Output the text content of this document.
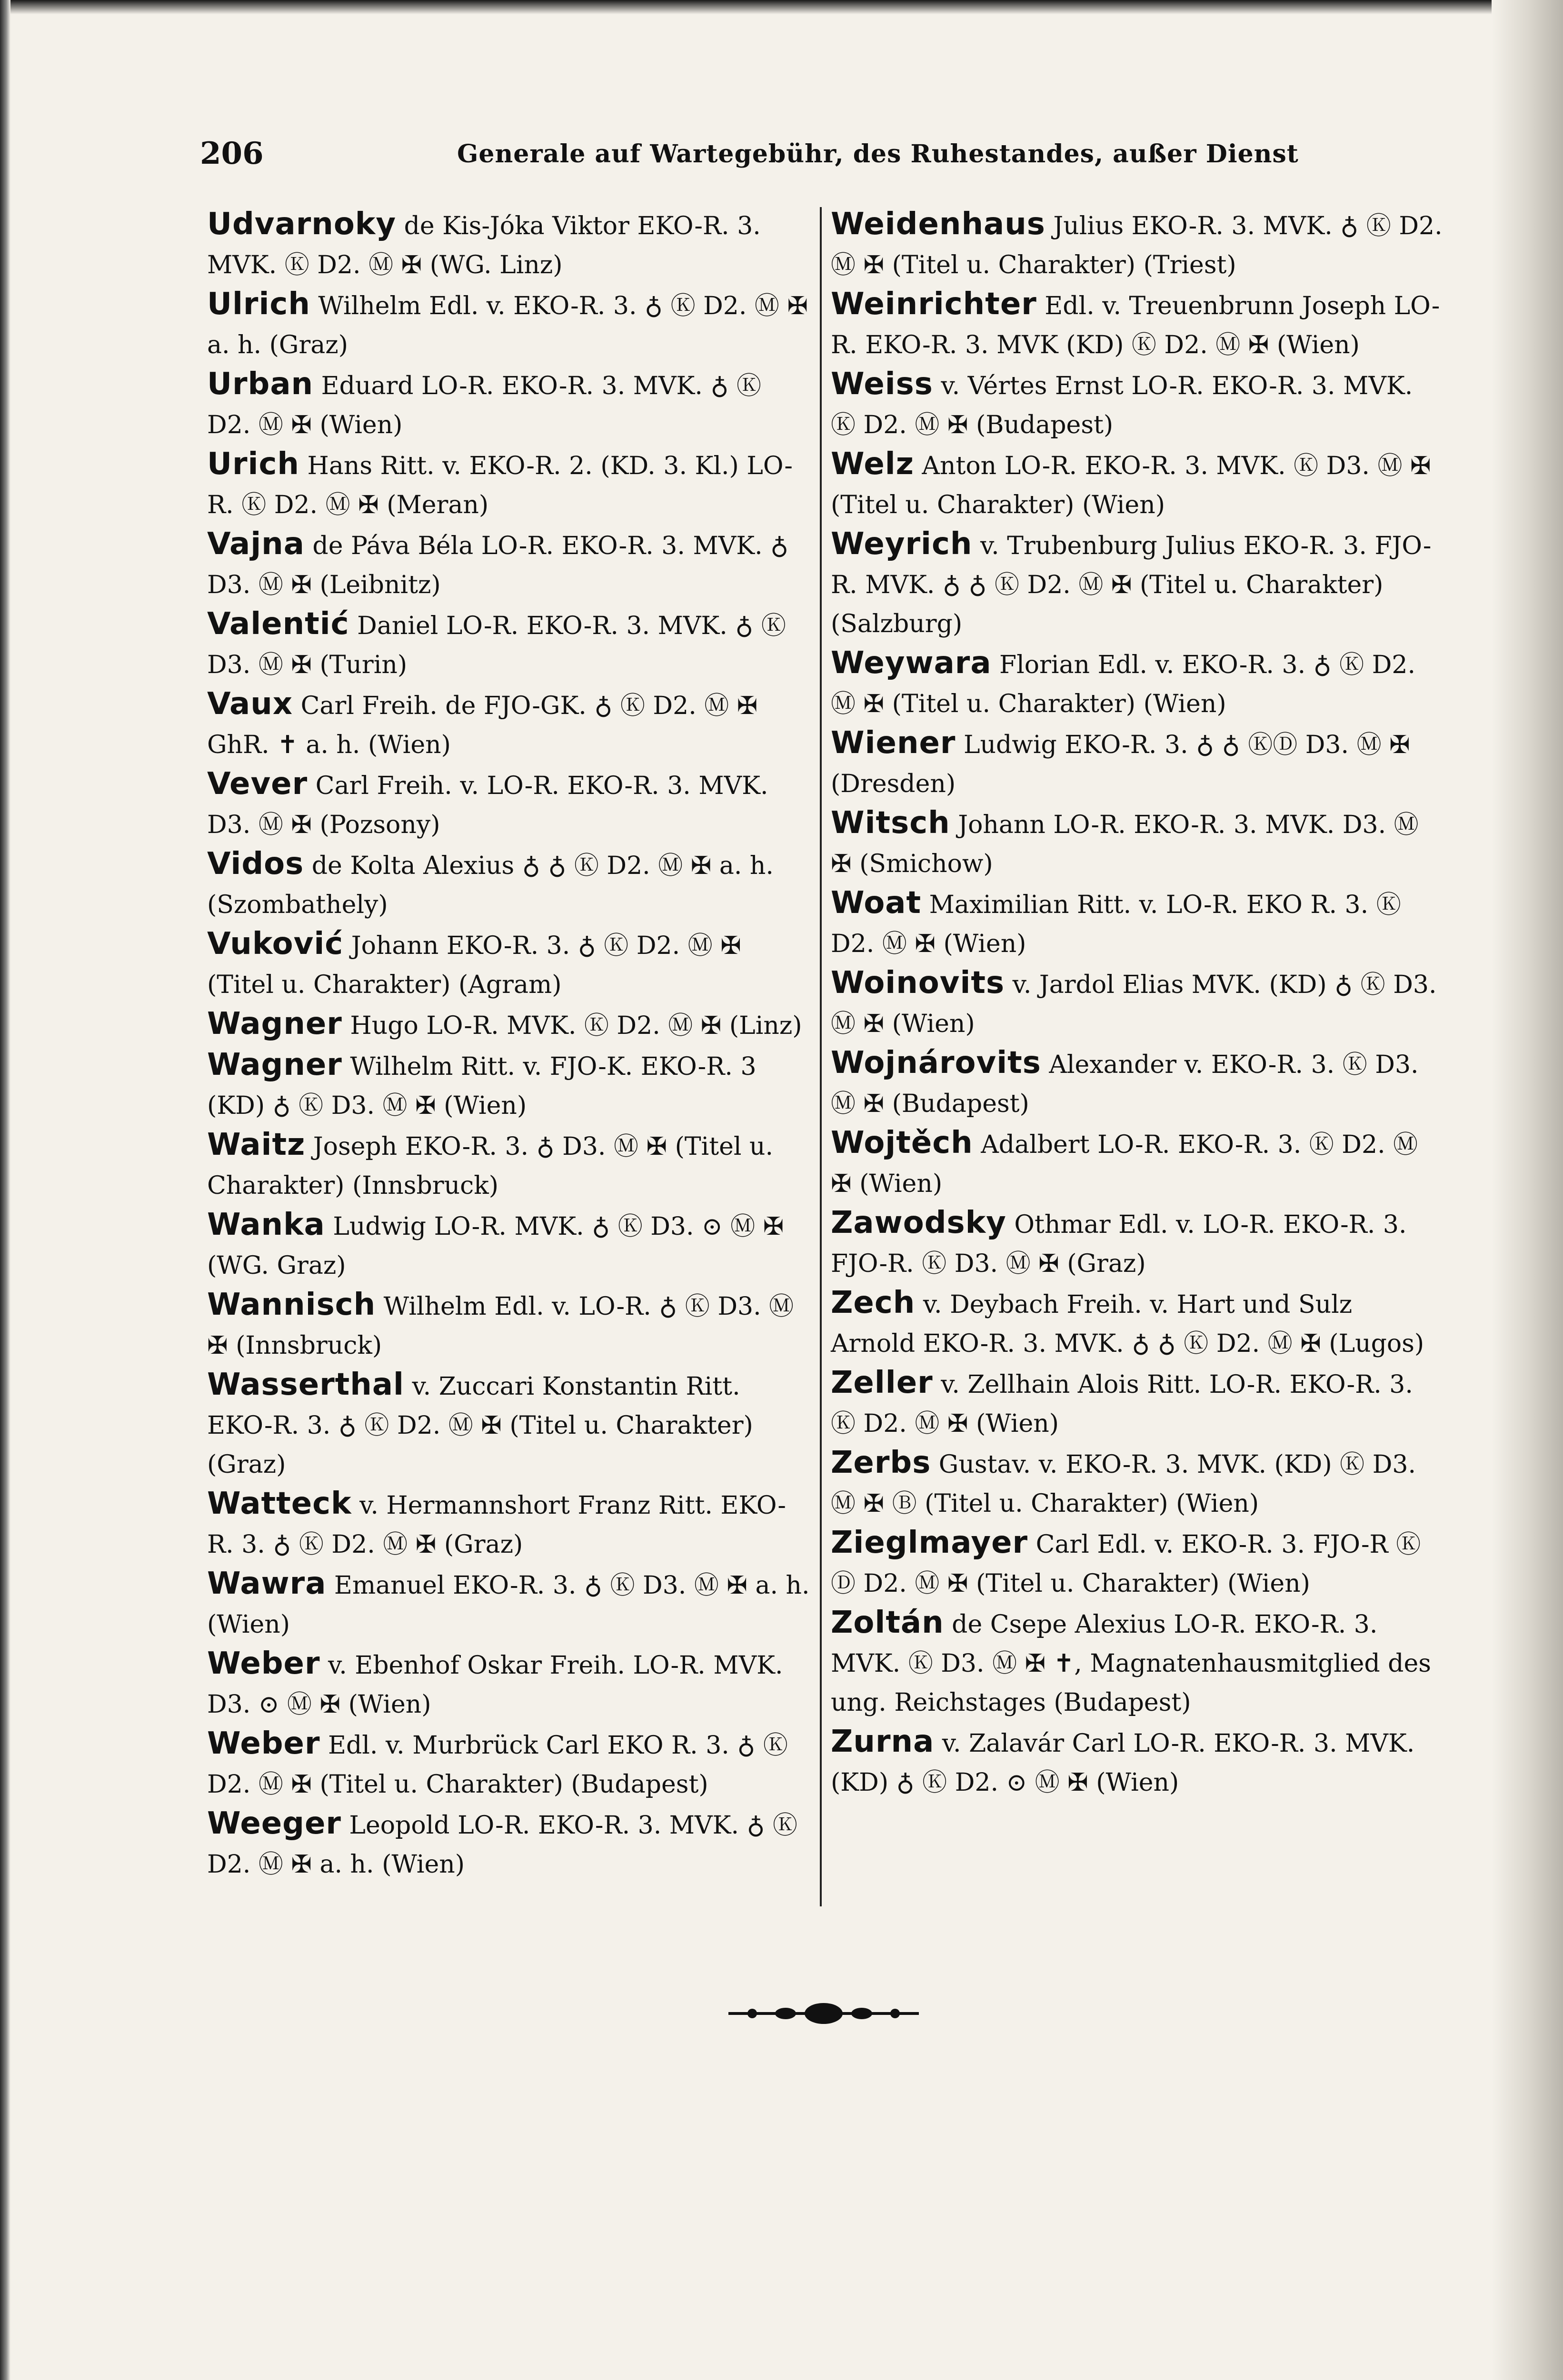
206	Generale auf Wartegebühr, des Ruhestandes, außer Dienst

Udvarnoky de Kis-Jóka Viktor EKO-R. 3. MVK. Ⓚ D2. Ⓜ ✠ (WG. Linz)

Ulrich Wilhelm Edl. v. EKO-R. 3. ♁ Ⓚ D2. Ⓜ ✠ a. h. (Graz)

Urban Eduard LO-R. EKO-R. 3. MVK. ♁ Ⓚ D2. Ⓜ ✠ (Wien)

Urich Hans Ritt. v. EKO-R. 2. (KD. 3. Kl.) LO-R. Ⓚ D2. Ⓜ ✠ (Meran)

Vajna de Páva Béla LO-R. EKO-R. 3. MVK. ♁ D3. Ⓜ ✠ (Leibnitz)

Valentić Daniel LO-R. EKO-R. 3. MVK. ♁ Ⓚ D3. Ⓜ ✠ (Turin)

Vaux Carl Freih. de FJO-GK. ♁ Ⓚ D2. Ⓜ ✠ GhR. ✝ a. h. (Wien)

Vever Carl Freih. v. LO-R. EKO-R. 3. MVK. D3. Ⓜ ✠ (Pozsony)

Vidos de Kolta Alexius ♁ ♁ Ⓚ D2. Ⓜ ✠ a. h. (Szombathely)

Vuković Johann EKO-R. 3. ♁ Ⓚ D2. Ⓜ ✠ (Titel u. Charakter) (Agram)

Wagner Hugo LO-R. MVK. Ⓚ D2. Ⓜ ✠ (Linz)

Wagner Wilhelm Ritt. v. FJO-K. EKO-R. 3 (KD) ♁ Ⓚ D3. Ⓜ ✠ (Wien)

Waitz Joseph EKO-R. 3. ♁ D3. Ⓜ ✠ (Titel u. Charakter) (Innsbruck)

Wanka Ludwig LO-R. MVK. ♁ Ⓚ D3. ⊙ Ⓜ ✠ (WG. Graz)

Wannisch Wilhelm Edl. v. LO-R. ♁ Ⓚ D3. Ⓜ ✠ (Innsbruck)

Wasserthal v. Zuccari Konstantin Ritt. EKO-R. 3. ♁ Ⓚ D2. Ⓜ ✠ (Titel u. Charakter) (Graz)

Watteck v. Hermannshort Franz Ritt. EKO-R. 3. ♁ Ⓚ D2. Ⓜ ✠ (Graz)

Wawra Emanuel EKO-R. 3. ♁ Ⓚ D3. Ⓜ ✠ a. h. (Wien)

Weber v. Ebenhof Oskar Freih. LO-R. MVK. D3. ⊙ Ⓜ ✠ (Wien)

Weber Edl. v. Murbrück Carl EKO R. 3. ♁ Ⓚ D2. Ⓜ ✠ (Titel u. Charakter) (Budapest)

Weeger Leopold LO-R. EKO-R. 3. MVK. ♁ Ⓚ D2. Ⓜ ✠ a. h. (Wien)

Weidenhaus Julius EKO-R. 3. MVK. ♁ Ⓚ D2. Ⓜ ✠ (Titel u. Charakter) (Triest)

Weinrichter Edl. v. Treuenbrunn Joseph LO-R. EKO-R. 3. MVK (KD) Ⓚ D2. Ⓜ ✠ (Wien)

Weiss v. Vértes Ernst LO-R. EKO-R. 3. MVK. Ⓚ D2. Ⓜ ✠ (Budapest)

Welz Anton LO-R. EKO-R. 3. MVK. Ⓚ D3. Ⓜ ✠ (Titel u. Charakter) (Wien)

Weyrich v. Trubenburg Julius EKO-R. 3. FJO-R. MVK. ♁ ♁ Ⓚ D2. Ⓜ ✠ (Titel u. Charakter) (Salzburg)

Weywara Florian Edl. v. EKO-R. 3. ♁ Ⓚ D2. Ⓜ ✠ (Titel u. Charakter) (Wien)

Wiener Ludwig EKO-R. 3. ♁ ♁ ⓀⒹ D3. Ⓜ ✠ (Dresden)

Witsch Johann LO-R. EKO-R. 3. MVK. D3. Ⓜ ✠ (Smichow)

Woat Maximilian Ritt. v. LO-R. EKO R. 3. Ⓚ D2. Ⓜ ✠ (Wien)

Woinovits v. Jardol Elias MVK. (KD) ♁ Ⓚ D3. Ⓜ ✠ (Wien)

Wojnárovits Alexander v. EKO-R. 3. Ⓚ D3. Ⓜ ✠ (Budapest)

Wojtěch Adalbert LO-R. EKO-R. 3. Ⓚ D2. Ⓜ ✠ (Wien)

Zawodsky Othmar Edl. v. LO-R. EKO-R. 3. FJO-R. Ⓚ D3. Ⓜ ✠ (Graz)

Zech v. Deybach Freih. v. Hart und Sulz Arnold EKO-R. 3. MVK. ♁ ♁ Ⓚ D2. Ⓜ ✠ (Lugos)

Zeller v. Zellhain Alois Ritt. LO-R. EKO-R. 3. Ⓚ D2. Ⓜ ✠ (Wien)

Zerbs Gustav. v. EKO-R. 3. MVK. (KD) Ⓚ D3. Ⓜ ✠ Ⓑ (Titel u. Charakter) (Wien)

Zieglmayer Carl Edl. v. EKO-R. 3. FJO-R Ⓚ Ⓓ D2. Ⓜ ✠ (Titel u. Charakter) (Wien)

Zoltán de Csepe Alexius LO-R. EKO-R. 3. MVK. Ⓚ D3. Ⓜ ✠ ✝, Magnatenhausmitglied des ung. Reichstages (Budapest)

Zurna v. Zalavár Carl LO-R. EKO-R. 3. MVK. (KD) ♁ Ⓚ D2. ⊙ Ⓜ ✠ (Wien)
